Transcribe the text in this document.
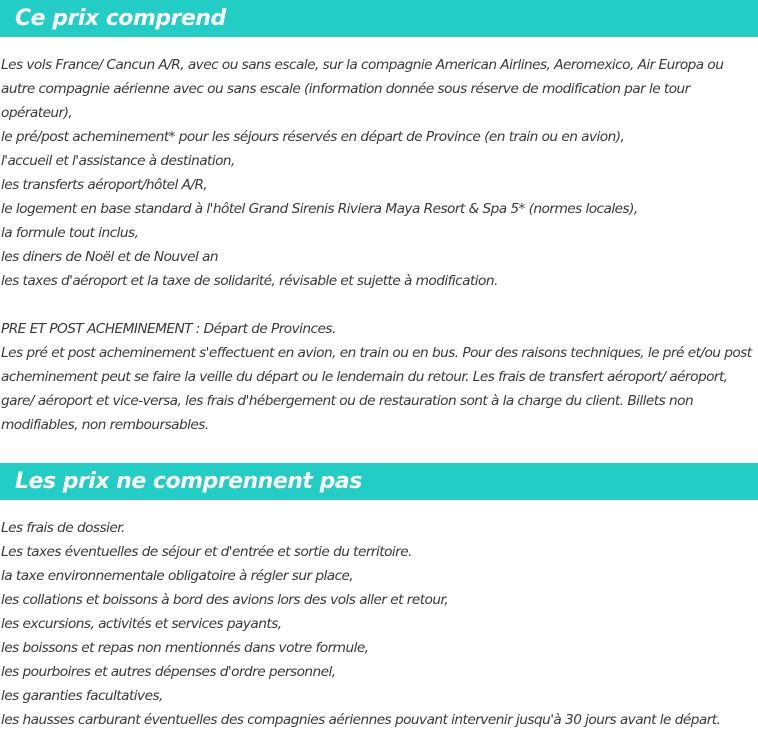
Ce prix comprend

Les vols France/ Cancun A/R, avec ou sans escale, sur la compagnie American Airlines, Aeromexico, Air Europa ou autre compagnie aérienne avec ou sans escale (information donnée sous réserve de modification par le tour opérateur),

le pré/post acheminement* pour les séjours réservés en départ de Province (en train ou en avion),

l'accueil et l'assistance à destination,

les transferts aéroport/hôtel A/R,

le logement en base standard à l'hôtel Grand Sirenis Riviera Maya Resort & Spa 5* (normes locales),

la formule tout inclus,

les diners de Noël et de Nouvel an

les taxes d'aéroport et la taxe de solidarité, révisable et sujette à modification.

PRE ET POST ACHEMINEMENT : Départ de Provinces.

Les pré et post acheminement s'effectuent en avion, en train ou en bus. Pour des raisons techniques, le pré et/ou post acheminement peut se faire la veille du départ ou le lendemain du retour. Les frais de transfert aéroport/ aéroport, gare/ aéroport et vice-versa, les frais d'hébergement ou de restauration sont à la charge du client. Billets non modifiables, non remboursables.

Les prix ne comprennent pas

Les frais de dossier.

Les taxes éventuelles de séjour et d'entrée et sortie du territoire.

la taxe environnementale obligatoire à régler sur place,

les collations et boissons à bord des avions lors des vols aller et retour,

les excursions, activités et services payants,

les boissons et repas non mentionnés dans votre formule,

les pourboires et autres dépenses d'ordre personnel,

les garanties facultatives,

les hausses carburant éventuelles des compagnies aériennes pouvant intervenir jusqu'à 30 jours avant le départ.
